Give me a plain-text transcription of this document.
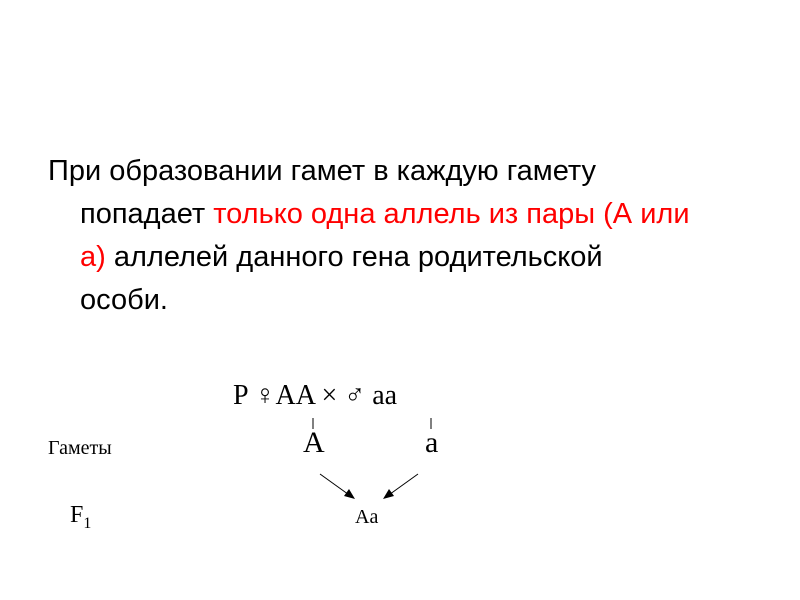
При образовании гамет в каждую гамету
попадает только одна аллель из пары (А или
а) аллелей данного гена родительской
особи.
P ♀AA × ♂ aa
Гаметы	A	a
$F_1$	Aa
